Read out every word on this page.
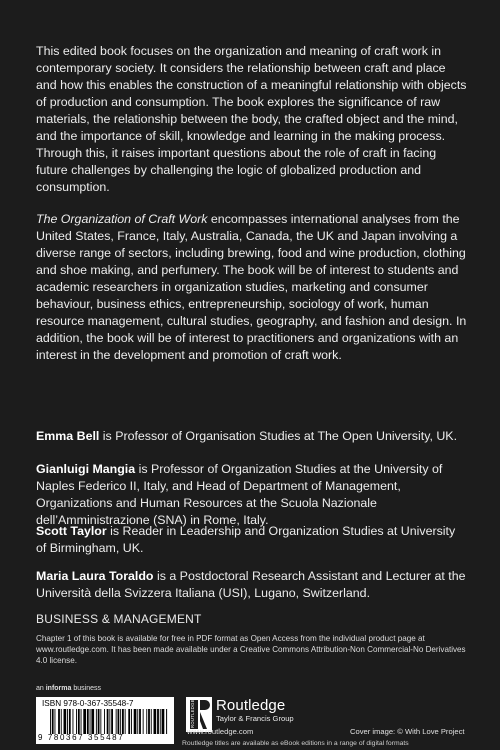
This edited book focuses on the organization and meaning of craft work in contemporary society. It considers the relationship between craft and place and how this enables the construction of a meaningful relationship with objects of production and consumption. The book explores the significance of raw materials, the relationship between the body, the crafted object and the mind, and the importance of skill, knowledge and learning in the making process. Through this, it raises important questions about the role of craft in facing future challenges by challenging the logic of globalized production and consumption.

The Organization of Craft Work encompasses international analyses from the United States, France, Italy, Australia, Canada, the UK and Japan involving a diverse range of sectors, including brewing, food and wine production, clothing and shoe making, and perfumery. The book will be of interest to students and academic researchers in organization studies, marketing and consumer behaviour, business ethics, entrepreneurship, sociology of work, human resource management, cultural studies, geography, and fashion and design. In addition, the book will be of interest to practitioners and organizations with an interest in the development and promotion of craft work.

Emma Bell is Professor of Organisation Studies at The Open University, UK.

Gianluigi Mangia is Professor of Organization Studies at the University of Naples Federico II, Italy, and Head of Department of Management, Organizations and Human Resources at the Scuola Nazionale dell’Amministrazione (SNA) in Rome, Italy.

Scott Taylor is Reader in Leadership and Organization Studies at University of Birmingham, UK.

Maria Laura Toraldo is a Postdoctoral Research Assistant and Lecturer at the Università della Svizzera Italiana (USI), Lugano, Switzerland.

BUSINESS & MANAGEMENT

Chapter 1 of this book is available for free in PDF format as Open Access from the individual product page at www.routledge.com. It has been made available under a Creative Commons Attribution-Non Commercial-No Derivatives 4.0 license.

an informa business
ISBN 978-0-367-35548-7
9 780367 355487
ROUTLEDGE Routledge
Taylor & Francis Group
www.routledge.com	Cover image: © With Love Project
Routledge titles are available as eBook editions in a range of digital formats
